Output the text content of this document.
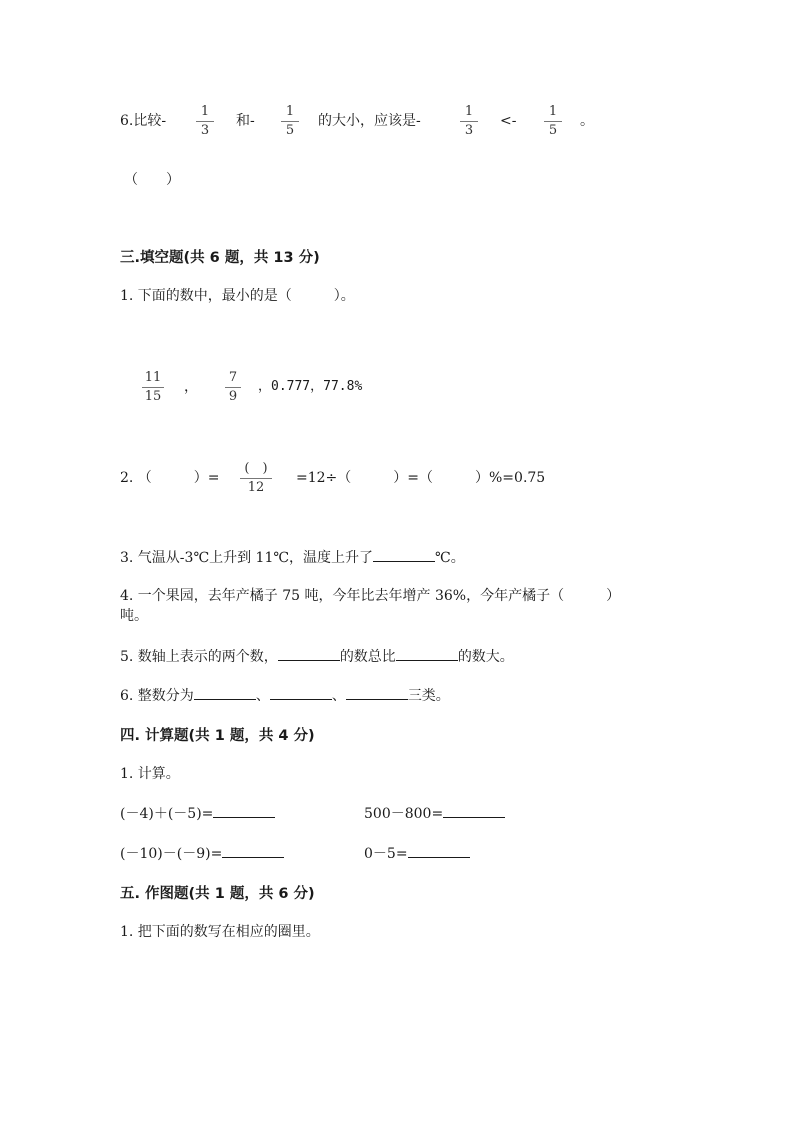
6.比较-
1
3
和-
1
5
的大小，应该是-
1
3
<-
1
5
。
（　　）
三.填空题(共 6 题，共 13 分)
1. 下面的数中，最小的是（　　　）。
11
15
，
7
9
，0.777，77.8%
2. （　　　）=
(　)
12
=12÷（　　　）=（　　　）%=0.75
3. 气温从-3℃上升到 11℃，温度上升了	℃。
4. 一个果园，去年产橘子 75 吨，今年比去年增产 36%，今年产橘子（　　　）
吨。
5. 数轴上表示的两个数，	的数总比	的数大。
6. 整数分为	、	、	三类。
四. 计算题(共 1 题，共 4 分)
1. 计算。
(－4)＋(－5)=	500－800=
(－10)－(－9)=	0－5=
五. 作图题(共 1 题，共 6 分)
1. 把下面的数写在相应的圈里。
